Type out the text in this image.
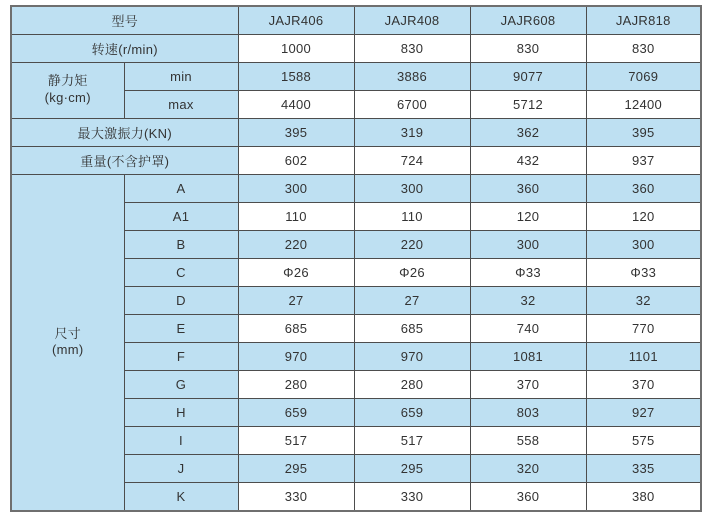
型号		JAJR406	JAJR408	JAJR608	JAJR818
转速(r/min)		1000	830	830	830

静力矩
(kg·cm)	min	1588	3886	9077	7069
	max	4400	6700	5712	12400
最大激振力(KN)		395	319	362	395
重量(不含护罩)		602	724	432	937

尺寸
(mm)	A	300	300	360	360
	A1	110	110	120	120
	B	220	220	300	300
	C	Φ26	Φ26	Φ33	Φ33
	D	27	27	32	32
	E	685	685	740	770
	F	970	970	1081	1101
	G	280	280	370	370
	H	659	659	803	927
	I	517	517	558	575
	J	295	295	320	335
	K	330	330	360	380
